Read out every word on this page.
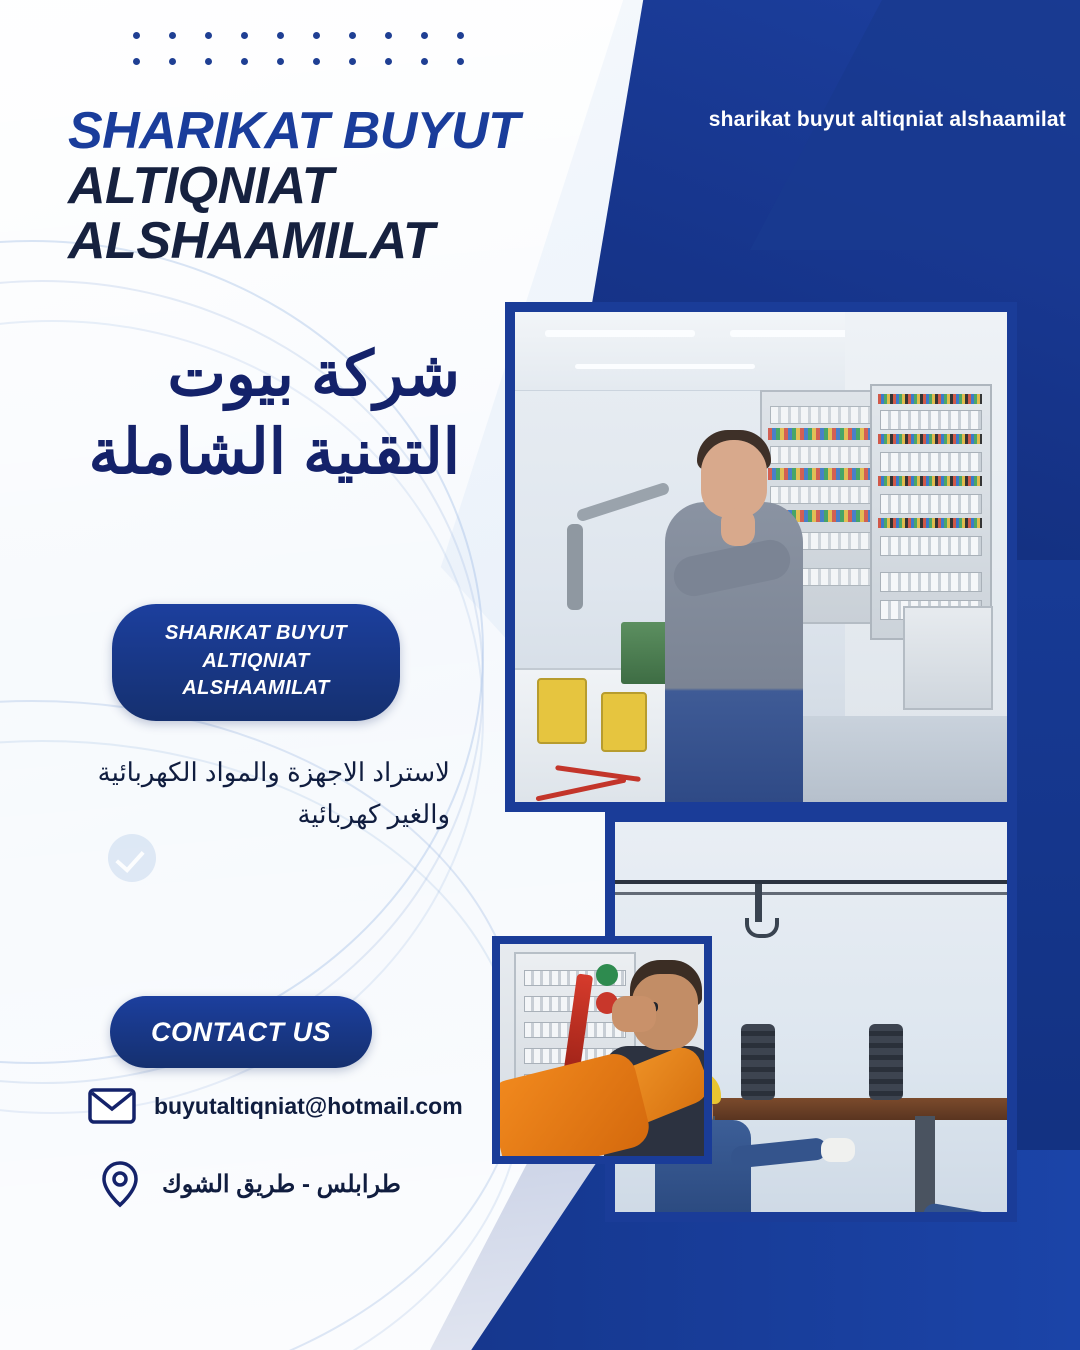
sharikat buyut altiqniat alshaamilat
SHARIKAT BUYUT
ALTIQNIAT
ALSHAAMILAT
شركة بيوت
التقنية الشاملة
SHARIKAT BUYUT
ALTIQNIAT
ALSHAAMILAT
لاستراد الاجهزة والمواد الكهربائية
والغير كهربائية
CONTACT US
buyutaltiqniat@hotmail.com
طرابلس - طريق الشوك
